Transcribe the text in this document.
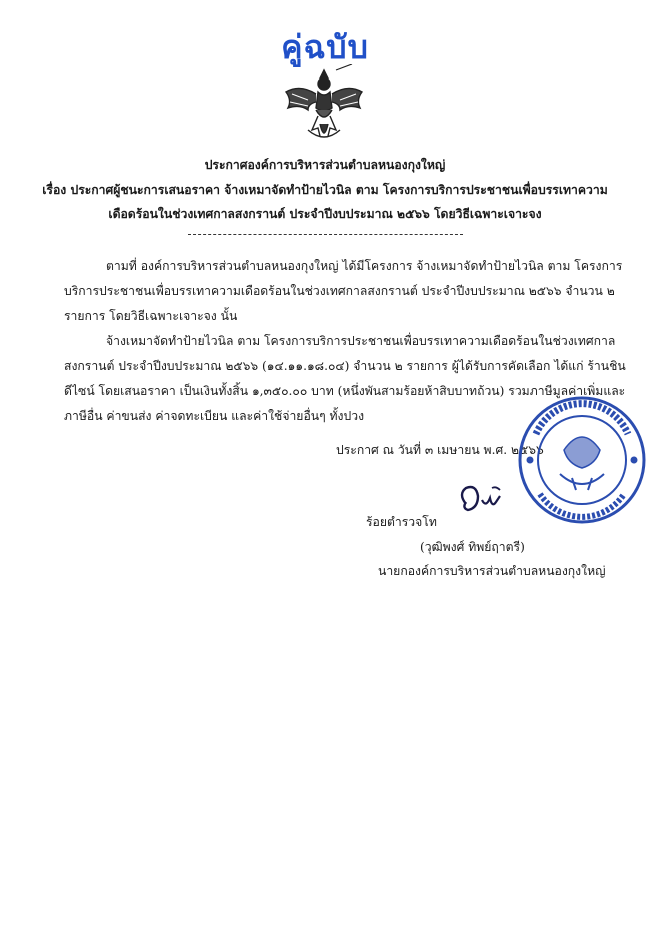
คู่ฉบับ
ประกาศองค์การบริหารส่วนตำบลหนองกุงใหญ่
เรื่อง ประกาศผู้ชนะการเสนอราคา จ้างเหมาจัดทำป้ายไวนิล ตาม โครงการบริการประชาชนเพื่อบรรเทาความ
เดือดร้อนในช่วงเทศกาลสงกรานต์ ประจำปีงบประมาณ ๒๕๖๖ โดยวิธีเฉพาะเจาะจง
ตามที่ องค์การบริหารส่วนตำบลหนองกุงใหญ่ ได้มีโครงการ จ้างเหมาจัดทำป้ายไวนิล ตาม โครงการ
บริการประชาชนเพื่อบรรเทาความเดือดร้อนในช่วงเทศกาลสงกรานต์ ประจำปีงบประมาณ ๒๕๖๖ จำนวน ๒
รายการ โดยวิธีเฉพาะเจาะจง นั้น
จ้างเหมาจัดทำป้ายไวนิล ตาม โครงการบริการประชาชนเพื่อบรรเทาความเดือดร้อนในช่วงเทศกาล
สงกรานต์ ประจำปีงบประมาณ ๒๕๖๖ (๑๔.๑๑.๑๘.๐๔) จำนวน ๒ รายการ ผู้ได้รับการคัดเลือก ได้แก่ ร้านชิน
ดีไซน์ โดยเสนอราคา เป็นเงินทั้งสิ้น ๑,๓๕๐.๐๐ บาท (หนึ่งพันสามร้อยห้าสิบบาทถ้วน) รวมภาษีมูลค่าเพิ่มและ
ภาษีอื่น ค่าขนส่ง ค่าจดทะเบียน และค่าใช้จ่ายอื่นๆ ทั้งปวง
ประกาศ ณ วันที่ ๓ เมษายน พ.ศ. ๒๕๖๖
ร้อยตำรวจโท
(วุฒิพงศ์ ทิพย์ฤาตรี)
นายกองค์การบริหารส่วนตำบลหนองกุงใหญ่
